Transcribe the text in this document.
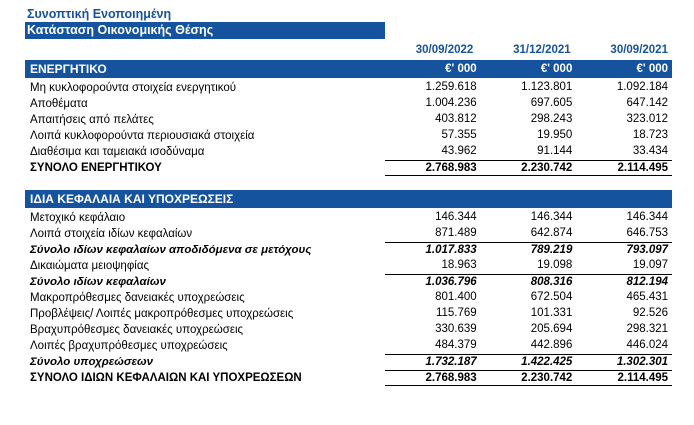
Συνοπτική Ενοποιημένη
Κατάσταση Οικονομικής Θέσης
30/09/2022	31/12/2021	30/09/2021
ΕΝΕΡΓΗΤΙΚΟ	€' 000	€' 000	€' 000
Μη κυκλοφορούντα στοιχεία ενεργητικού	1.259.618	1.123.801	1.092.184
Αποθέματα	1.004.236	697.605	647.142
Απαιτήσεις από πελάτες	403.812	298.243	323.012
Λοιπά κυκλοφορούντα περιουσιακά στοιχεία	57.355	19.950	18.723
Διαθέσιμα και ταμειακά ισοδύναμα	43.962	91.144	33.434
ΣΥΝΟΛΟ ΕΝΕΡΓΗΤΙΚΟΥ	2.768.983	2.230.742	2.114.495
ΙΔΙΑ ΚΕΦΑΛΑΙΑ ΚΑΙ ΥΠΟΧΡΕΩΣΕΙΣ
Μετοχικό κεφάλαιο	146.344	146.344	146.344
Λοιπά στοιχεία ιδίων κεφαλαίων	871.489	642.874	646.753
Σύνολο ιδίων κεφαλαίων αποδιδόμενα σε μετόχους	1.017.833	789.219	793.097
Δικαιώματα μειοψηφίας	18.963	19.098	19.097
Σύνολο ιδίων κεφαλαίων	1.036.796	808.316	812.194
Μακροπρόθεσμες δανειακές υποχρεώσεις	801.400	672.504	465.431
Προβλέψεις/ Λοιπές μακροπρόθεσμες υποχρεώσεις	115.769	101.331	92.526
Βραχυπρόθεσμες δανειακές υποχρεώσεις	330.639	205.694	298.321
Λοιπές βραχυπρόθεσμες υποχρεώσεις	484.379	442.896	446.024
Σύνολο υποχρεώσεων	1.732.187	1.422.425	1.302.301
ΣΥΝΟΛΟ ΙΔΙΩΝ ΚΕΦΑΛΑΙΩΝ ΚΑΙ ΥΠΟΧΡΕΩΣΕΩΝ	2.768.983	2.230.742	2.114.495
